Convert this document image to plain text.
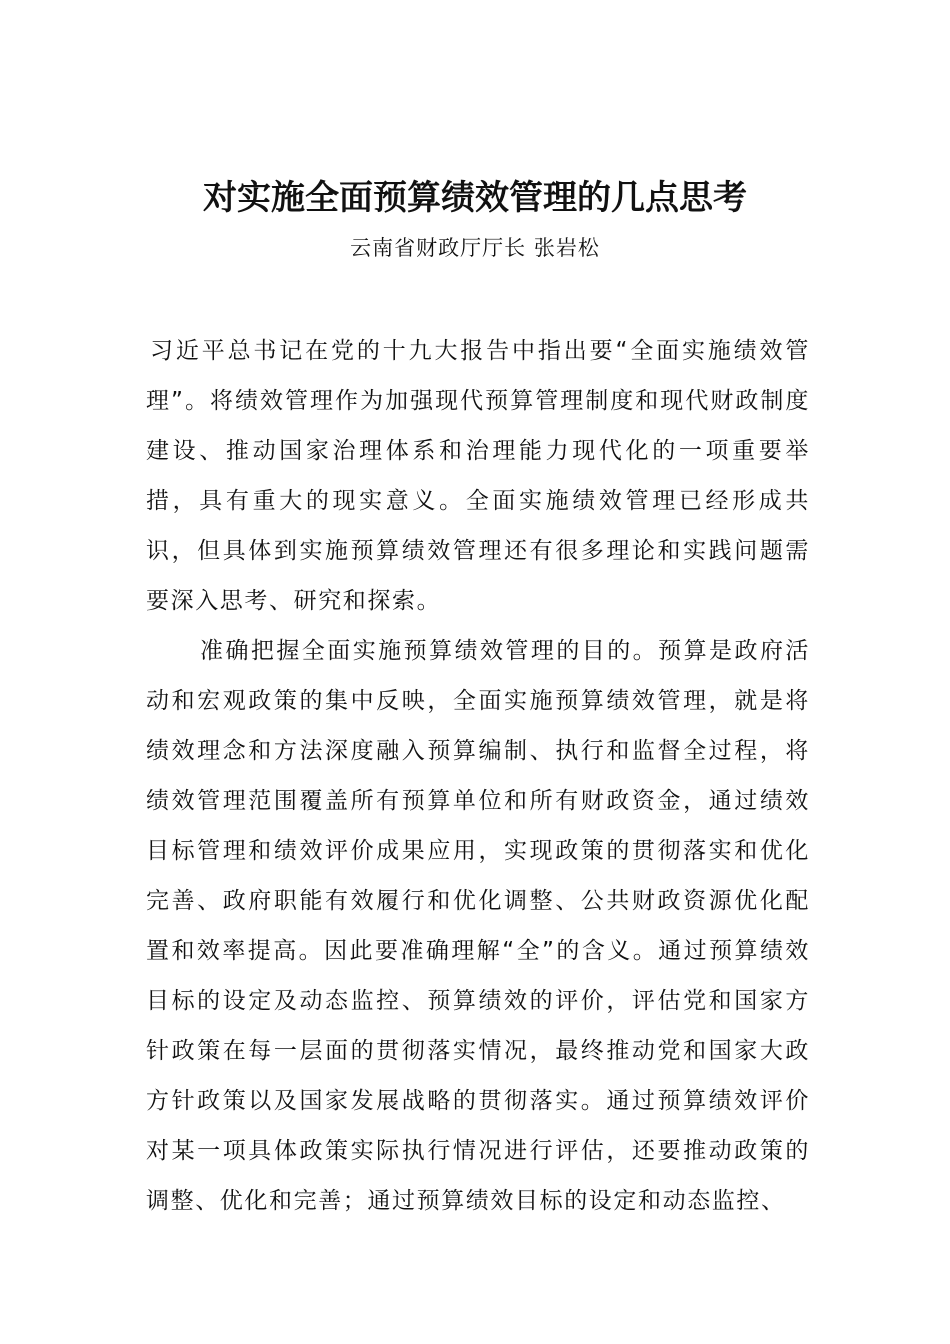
对实施全面预算绩效管理的几点思考
云南省财政厅厅长 张岩松

习近平总书记在党的十九大报告中指出要“全面实施绩效管理”。将绩效管理作为加强现代预算管理制度和现代财政制度建设、推动国家治理体系和治理能力现代化的一项重要举措，具有重大的现实意义。全面实施绩效管理已经形成共识，但具体到实施预算绩效管理还有很多理论和实践问题需要深入思考、研究和探索。

准确把握全面实施预算绩效管理的目的。预算是政府活动和宏观政策的集中反映，全面实施预算绩效管理，就是将绩效理念和方法深度融入预算编制、执行和监督全过程，将绩效管理范围覆盖所有预算单位和所有财政资金，通过绩效目标管理和绩效评价成果应用，实现政策的贯彻落实和优化完善、政府职能有效履行和优化调整、公共财政资源优化配置和效率提高。因此要准确理解“全”的含义。通过预算绩效目标的设定及动态监控、预算绩效的评价，评估党和国家方针政策在每一层面的贯彻落实情况，最终推动党和国家大政方针政策以及国家发展战略的贯彻落实。通过预算绩效评价对某一项具体政策实际执行情况进行评估，还要推动政策的调整、优化和完善；通过预算绩效目标的设定和动态监控、
